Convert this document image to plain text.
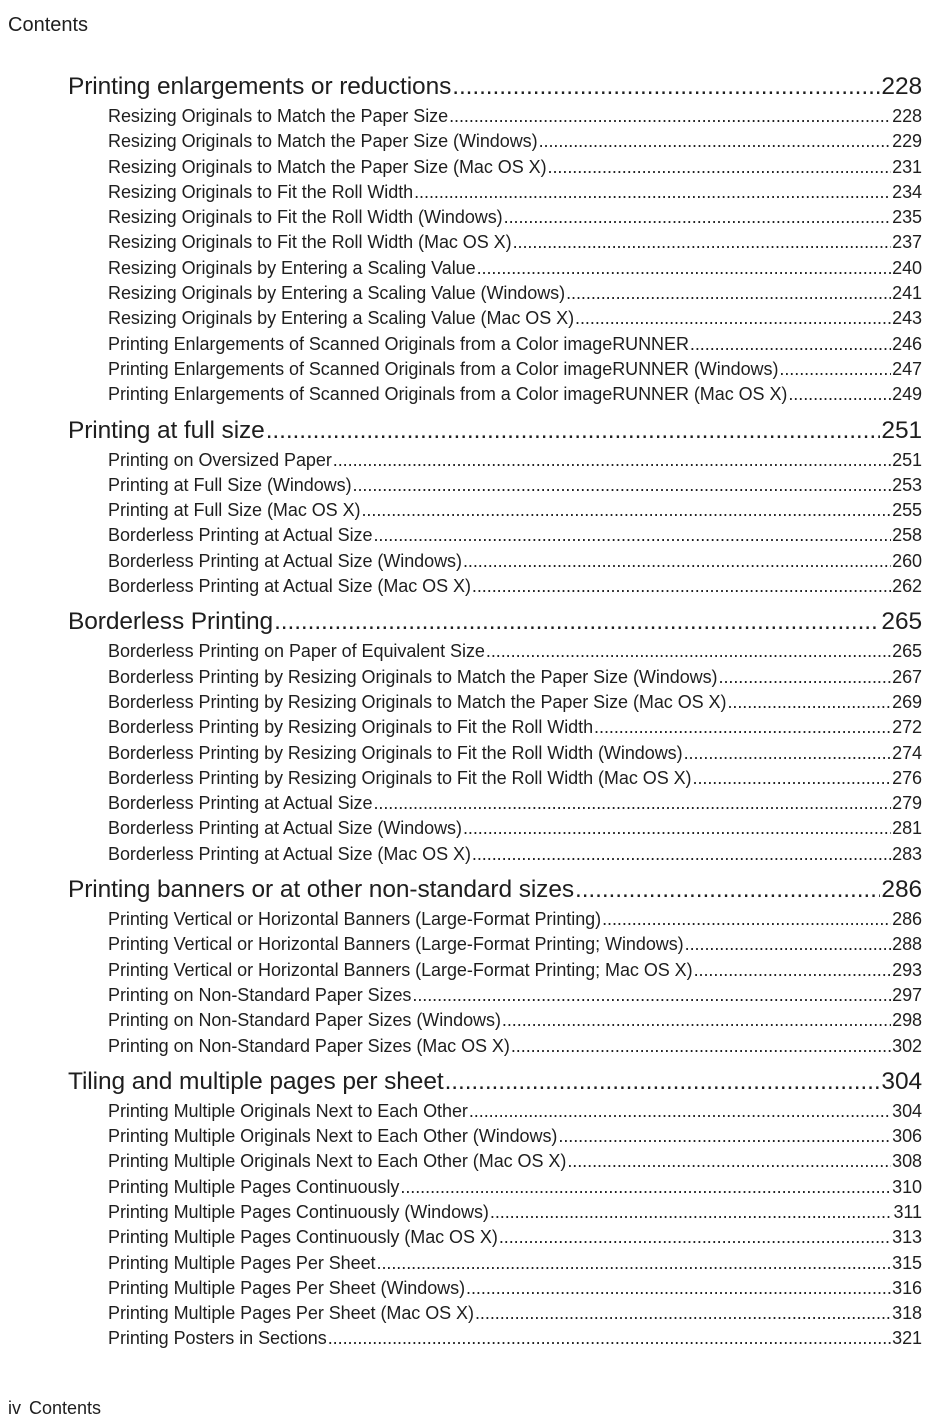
Contents
Printing enlargements or reductions .....	228
Resizing Originals to Match the Paper Size .....	228
Resizing Originals to Match the Paper Size (Windows) .....	229
Resizing Originals to Match the Paper Size (Mac OS X) .....	231
Resizing Originals to Fit the Roll Width .....	234
Resizing Originals to Fit the Roll Width (Windows) .....	235
Resizing Originals to Fit the Roll Width (Mac OS X) .....	237
Resizing Originals by Entering a Scaling Value .....	240
Resizing Originals by Entering a Scaling Value (Windows) .....	241
Resizing Originals by Entering a Scaling Value (Mac OS X) .....	243
Printing Enlargements of Scanned Originals from a Color imageRUNNER .....	246
Printing Enlargements of Scanned Originals from a Color imageRUNNER (Windows) .....	247
Printing Enlargements of Scanned Originals from a Color imageRUNNER (Mac OS X) .....	249
Printing at full size .....	251
Printing on Oversized Paper .....	251
Printing at Full Size (Windows) .....	253
Printing at Full Size (Mac OS X) .....	255
Borderless Printing at Actual Size .....	258
Borderless Printing at Actual Size (Windows) .....	260
Borderless Printing at Actual Size (Mac OS X) .....	262
Borderless Printing .....	265
Borderless Printing on Paper of Equivalent Size .....	265
Borderless Printing by Resizing Originals to Match the Paper Size (Windows) .....	267
Borderless Printing by Resizing Originals to Match the Paper Size (Mac OS X) .....	269
Borderless Printing by Resizing Originals to Fit the Roll Width .....	272
Borderless Printing by Resizing Originals to Fit the Roll Width (Windows) .....	274
Borderless Printing by Resizing Originals to Fit the Roll Width (Mac OS X) .....	276
Borderless Printing at Actual Size .....	279
Borderless Printing at Actual Size (Windows) .....	281
Borderless Printing at Actual Size (Mac OS X) .....	283
Printing banners or at other non-standard sizes .....	286
Printing Vertical or Horizontal Banners (Large-Format Printing) .....	286
Printing Vertical or Horizontal Banners (Large-Format Printing; Windows) .....	288
Printing Vertical or Horizontal Banners (Large-Format Printing; Mac OS X) .....	293
Printing on Non-Standard Paper Sizes .....	297
Printing on Non-Standard Paper Sizes (Windows) .....	298
Printing on Non-Standard Paper Sizes (Mac OS X) .....	302
Tiling and multiple pages per sheet .....	304
Printing Multiple Originals Next to Each Other .....	304
Printing Multiple Originals Next to Each Other (Windows) .....	306
Printing Multiple Originals Next to Each Other (Mac OS X) .....	308
Printing Multiple Pages Continuously .....	310
Printing Multiple Pages Continuously (Windows) .....	311
Printing Multiple Pages Continuously (Mac OS X) .....	313
Printing Multiple Pages Per Sheet .....	315
Printing Multiple Pages Per Sheet (Windows) .....	316
Printing Multiple Pages Per Sheet (Mac OS X) .....	318
Printing Posters in Sections .....	321
iv Contents
